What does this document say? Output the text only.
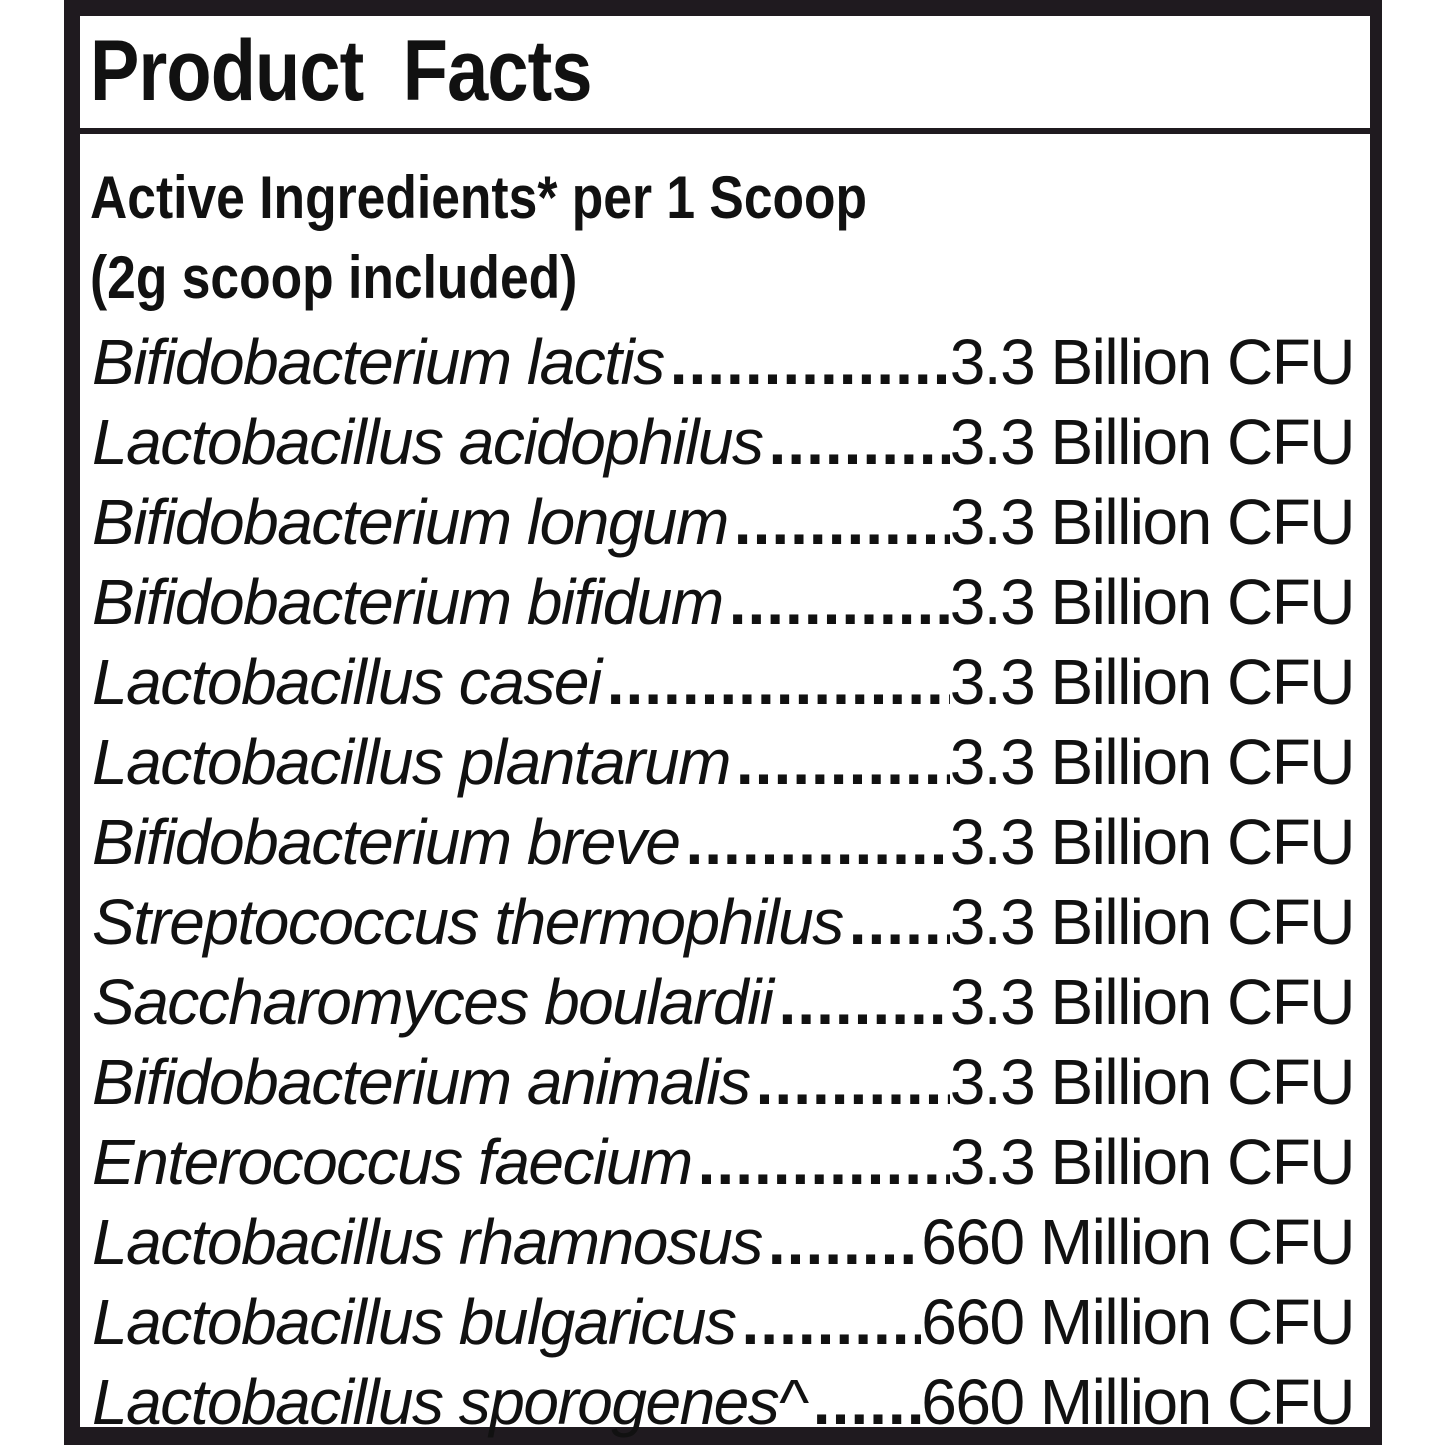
Product  Facts
Active Ingredients* per 1 Scoop
(2g scoop included)
Bifidobacterium lactis .....	3.3 Billion CFU
Lactobacillus acidophilus .....	3.3 Billion CFU
Bifidobacterium longum .....	3.3 Billion CFU
Bifidobacterium bifidum .....	3.3 Billion CFU
Lactobacillus casei .....	3.3 Billion CFU
Lactobacillus plantarum .....	3.3 Billion CFU
Bifidobacterium breve .....	3.3 Billion CFU
Streptococcus thermophilus ..... 3.3 Billion CFU
Saccharomyces boulardii .....	3.3 Billion CFU
Bifidobacterium animalis .....	3.3 Billion CFU
Enterococcus faecium .....	3.3 Billion CFU
Lactobacillus rhamnosus ..... 660 Million CFU
Lactobacillus bulgaricus .....	660 Million CFU
Lactobacillus sporogenes^ ..... 660 Million CFU
